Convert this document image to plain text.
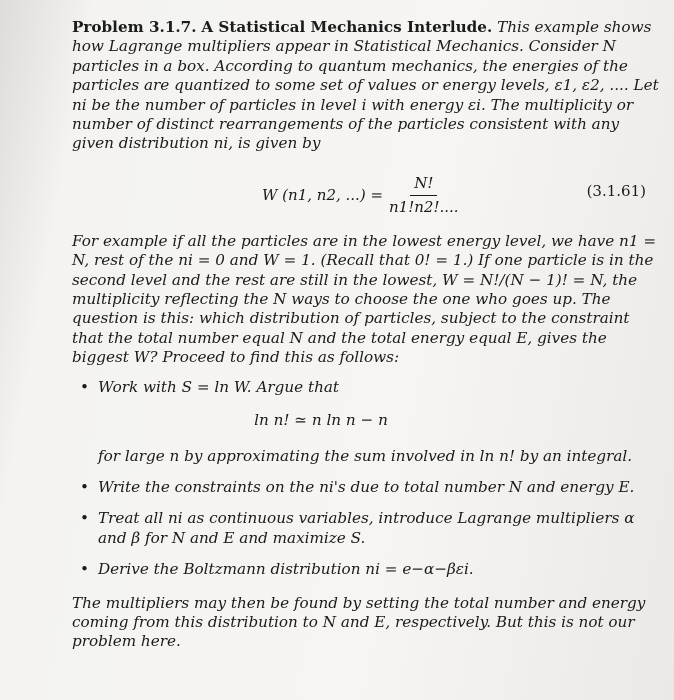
Problem 3.1.7. A Statistical Mechanics Interlude. This example shows how Lagrange multipliers appear in Statistical Mechanics. Consider N particles in a box. According to quantum mechanics, the energies of the particles are quantized to some set of values or energy levels, ε1, ε2, .... Let ni be the number of particles in level i with energy εi. The multiplicity or number of distinct rearrangements of the particles consistent with any given distribution ni, is given by

W (n1, n2, ...) = $\frac{N!}{n1!n2!....}$	(3.1.61)

For example if all the particles are in the lowest energy level, we have n1 = N, rest of the ni = 0 and W = 1. (Recall that 0! = 1.) If one particle is in the second level and the rest are still in the lowest, W = N!/(N − 1)! = N, the multiplicity reflecting the N ways to choose the one who goes up. The question is this: which distribution of particles, subject to the constraint that the total number equal N and the total energy equal E, gives the biggest W? Proceed to find this as follows:

• Work with S = ln W. Argue that
ln n! ≃ n ln n − n
for large n by approximating the sum involved in ln n! by an integral.
• Write the constraints on the ni's due to total number N and energy E.
• Treat all ni as continuous variables, introduce Lagrange multipliers α and β for N and E and maximize S.
• Derive the Boltzmann distribution ni = e−α−βεi.

The multipliers may then be found by setting the total number and energy coming from this distribution to N and E, respectively. But this is not our problem here.
